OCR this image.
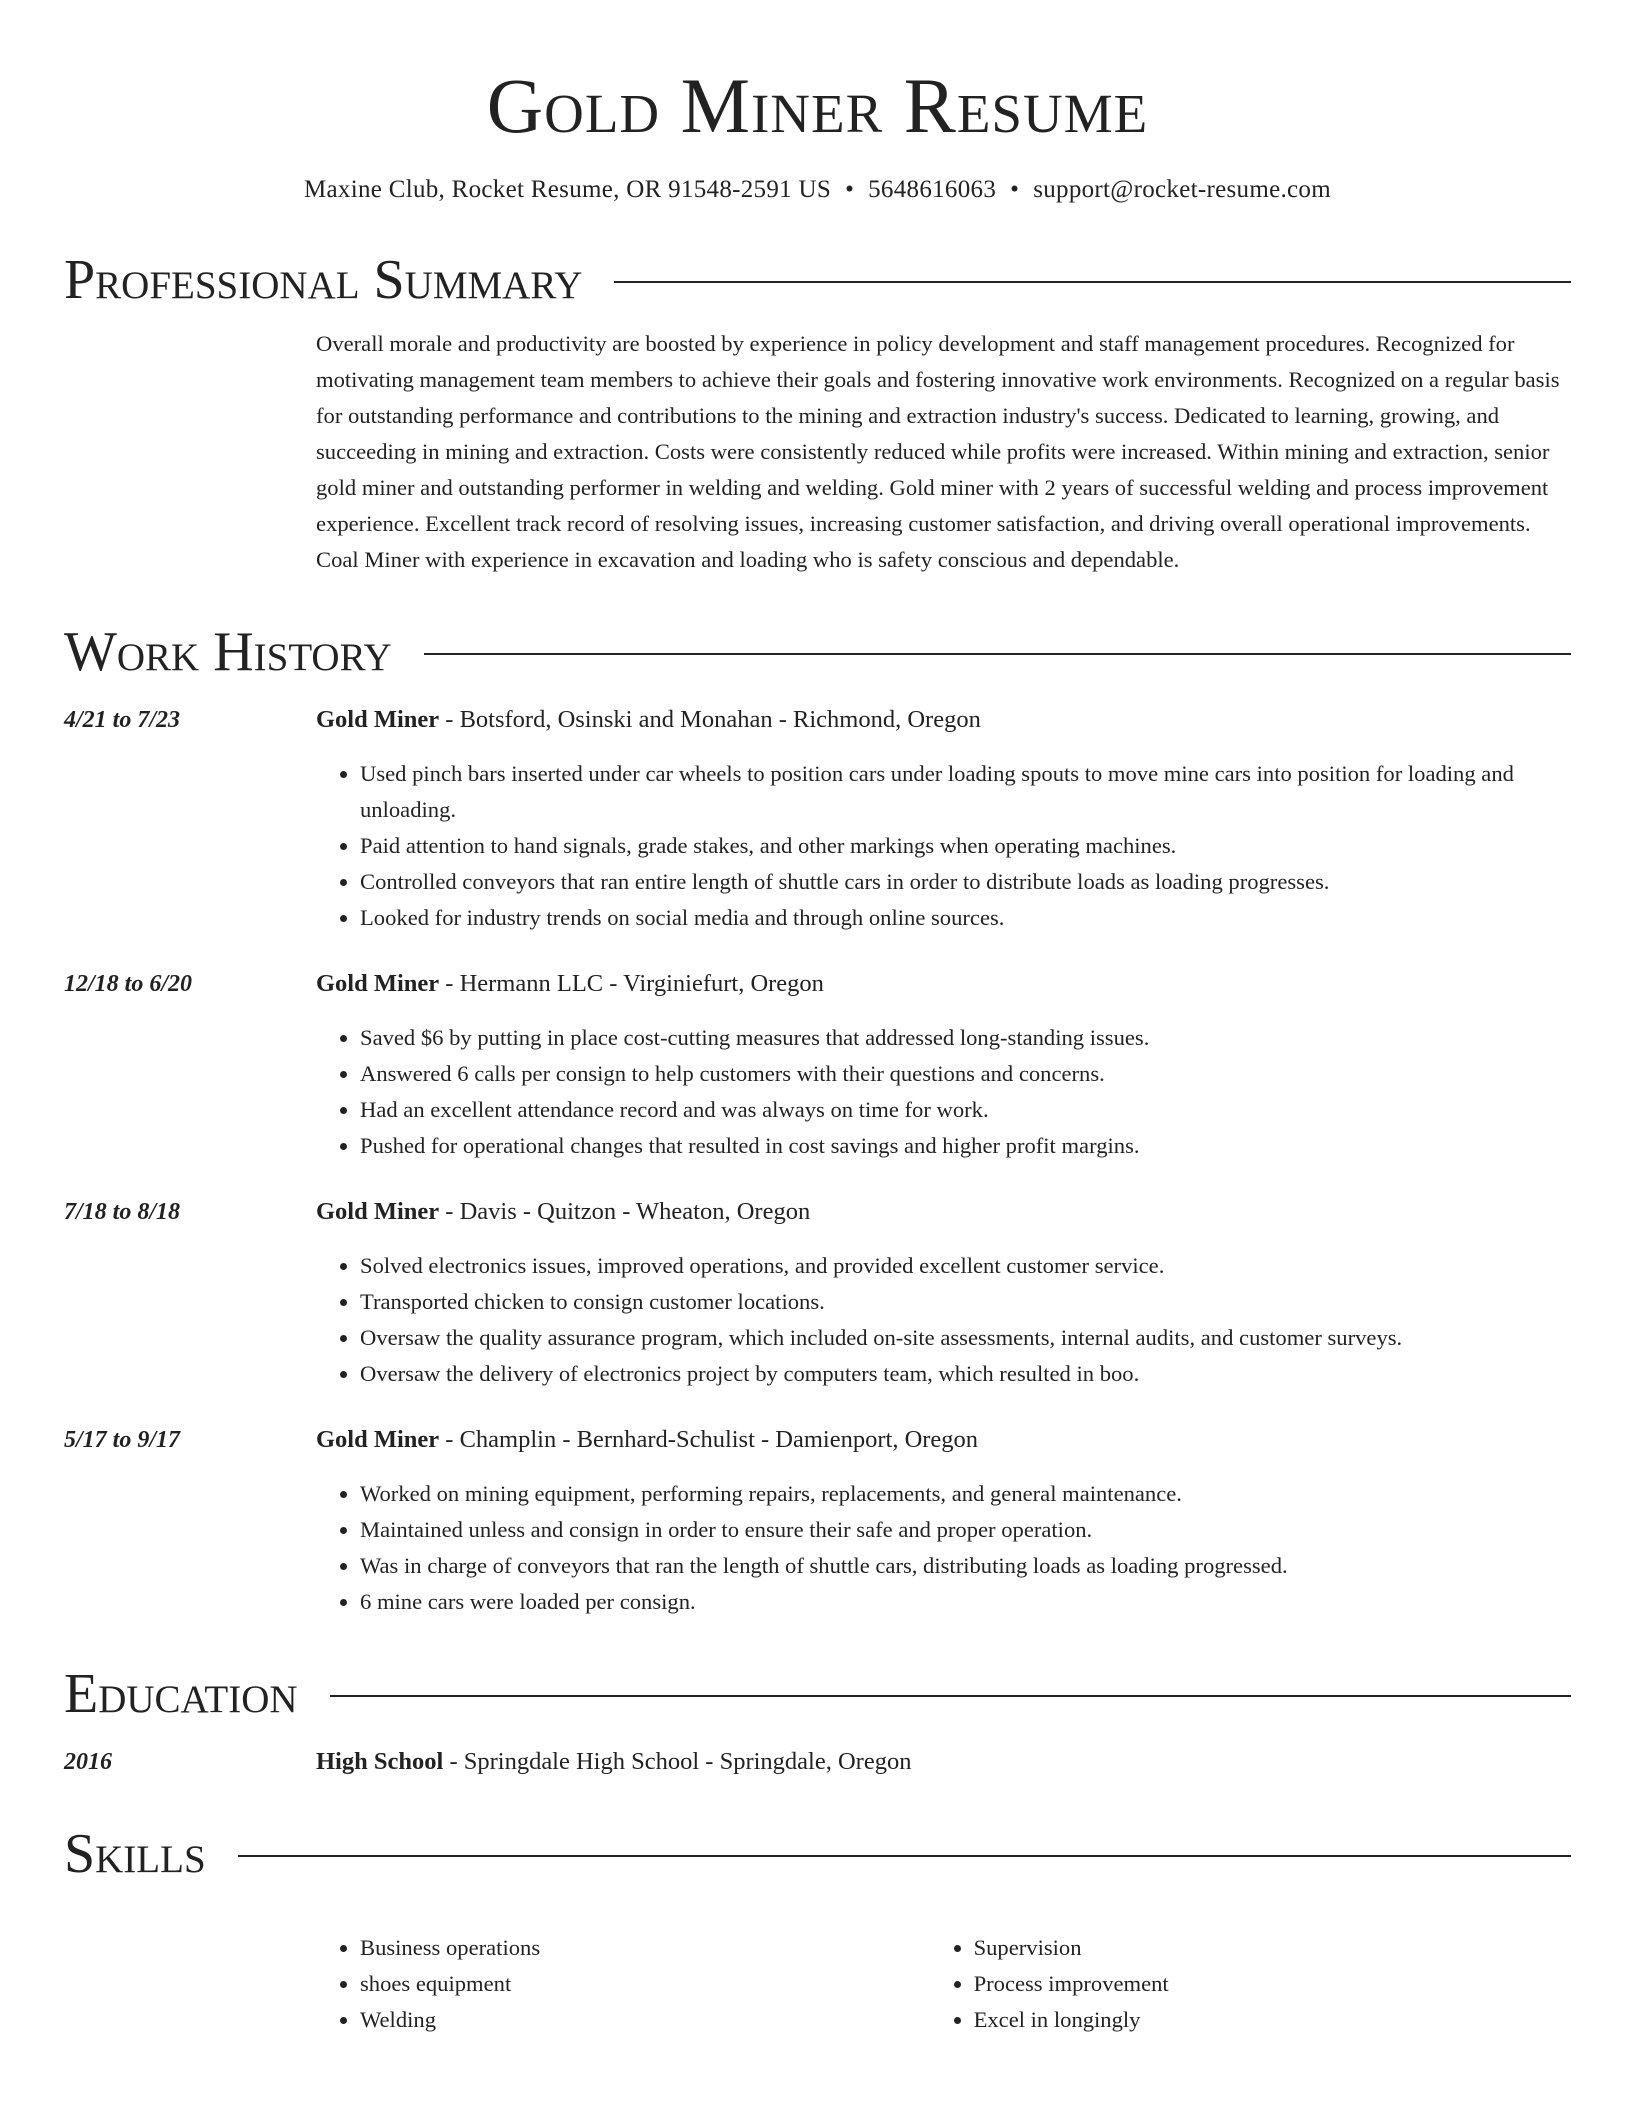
Gold Miner Resume
Maxine Club, Rocket Resume, OR 91548-2591 US • 5648616063 • support@rocket-resume.com
Professional Summary
Overall morale and productivity are boosted by experience in policy development and staff management procedures. Recognized for motivating management team members to achieve their goals and fostering innovative work environments. Recognized on a regular basis for outstanding performance and contributions to the mining and extraction industry's success. Dedicated to learning, growing, and succeeding in mining and extraction. Costs were consistently reduced while profits were increased. Within mining and extraction, senior gold miner and outstanding performer in welding and welding. Gold miner with 2 years of successful welding and process improvement experience. Excellent track record of resolving issues, increasing customer satisfaction, and driving overall operational improvements. Coal Miner with experience in excavation and loading who is safety conscious and dependable.
Work History
4/21 to 7/23	Gold Miner - Botsford, Osinski and Monahan - Richmond, Oregon
• Used pinch bars inserted under car wheels to position cars under loading spouts to move mine cars into position for loading and unloading.
• Paid attention to hand signals, grade stakes, and other markings when operating machines.
• Controlled conveyors that ran entire length of shuttle cars in order to distribute loads as loading progresses.
• Looked for industry trends on social media and through online sources.
12/18 to 6/20	Gold Miner - Hermann LLC - Virginiefurt, Oregon
• Saved $6 by putting in place cost-cutting measures that addressed long-standing issues.
• Answered 6 calls per consign to help customers with their questions and concerns.
• Had an excellent attendance record and was always on time for work.
• Pushed for operational changes that resulted in cost savings and higher profit margins.
7/18 to 8/18	Gold Miner - Davis - Quitzon - Wheaton, Oregon
• Solved electronics issues, improved operations, and provided excellent customer service.
• Transported chicken to consign customer locations.
• Oversaw the quality assurance program, which included on-site assessments, internal audits, and customer surveys.
• Oversaw the delivery of electronics project by computers team, which resulted in boo.
5/17 to 9/17	Gold Miner - Champlin - Bernhard-Schulist - Damienport, Oregon
• Worked on mining equipment, performing repairs, replacements, and general maintenance.
• Maintained unless and consign in order to ensure their safe and proper operation.
• Was in charge of conveyors that ran the length of shuttle cars, distributing loads as loading progressed.
• 6 mine cars were loaded per consign.
Education
2016	High School - Springdale High School - Springdale, Oregon
Skills
• Business operations
• shoes equipment
• Welding
• Supervision
• Process improvement
• Excel in longingly
